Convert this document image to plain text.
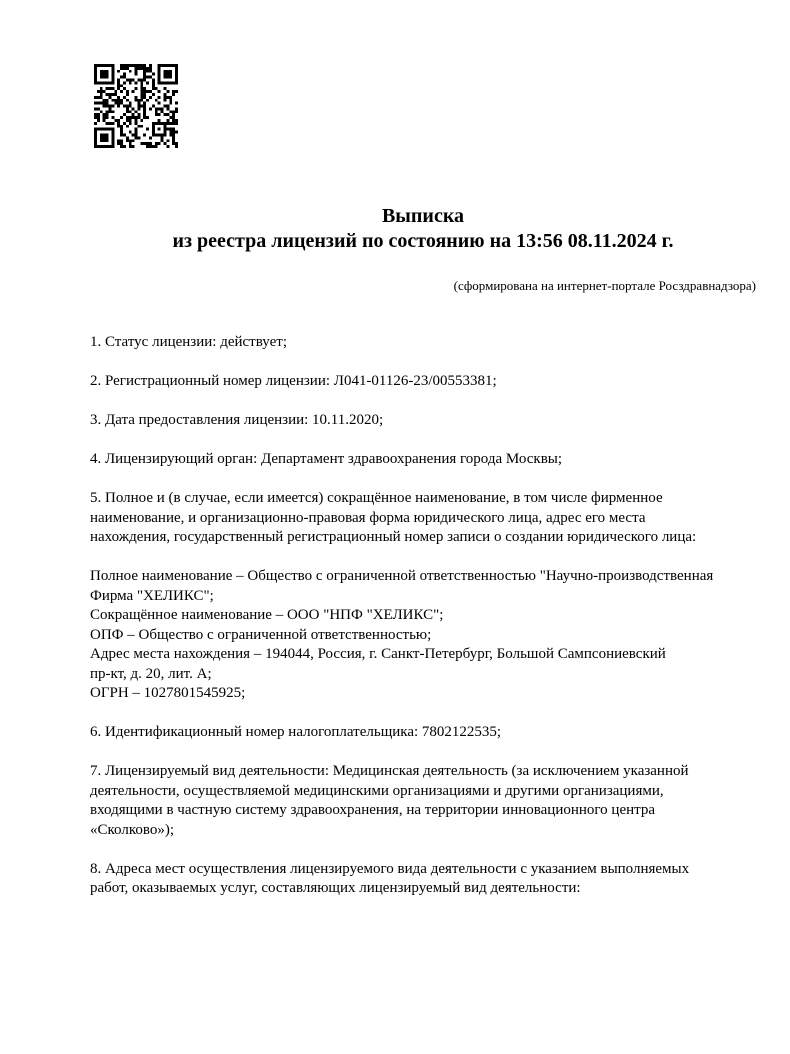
Выписка
из реестра лицензий по состоянию на 13:56 08.11.2024 г.
(сформирована на интернет-портале Росздравнадзора)
1. Статус лицензии: действует;
2. Регистрационный номер лицензии: Л041-01126-23/00553381;
3. Дата предоставления лицензии: 10.11.2020;
4. Лицензирующий орган: Департамент здравоохранения города Москвы;
5. Полное и (в случае, если имеется) сокращённое наименование, в том числе фирменное
наименование, и организационно-правовая форма юридического лица, адрес его места
нахождения, государственный регистрационный номер записи о создании юридического лица:
Полное наименование – Общество с ограниченной ответственностью "Научно-производственная
Фирма "ХЕЛИКС";
Сокращённое наименование – ООО "НПФ "ХЕЛИКС";
ОПФ – Общество с ограниченной ответственностью;
Адрес места нахождения – 194044, Россия, г. Санкт-Петербург, Большой Сампсониевский
пр-кт, д. 20, лит. А;
ОГРН – 1027801545925;
6. Идентификационный номер налогоплательщика: 7802122535;
7. Лицензируемый вид деятельности: Медицинская деятельность (за исключением указанной
деятельности, осуществляемой медицинскими организациями и другими организациями,
входящими в частную систему здравоохранения, на территории инновационного центра
«Сколково»);
8. Адреса мест осуществления лицензируемого вида деятельности с указанием выполняемых
работ, оказываемых услуг, составляющих лицензируемый вид деятельности:
